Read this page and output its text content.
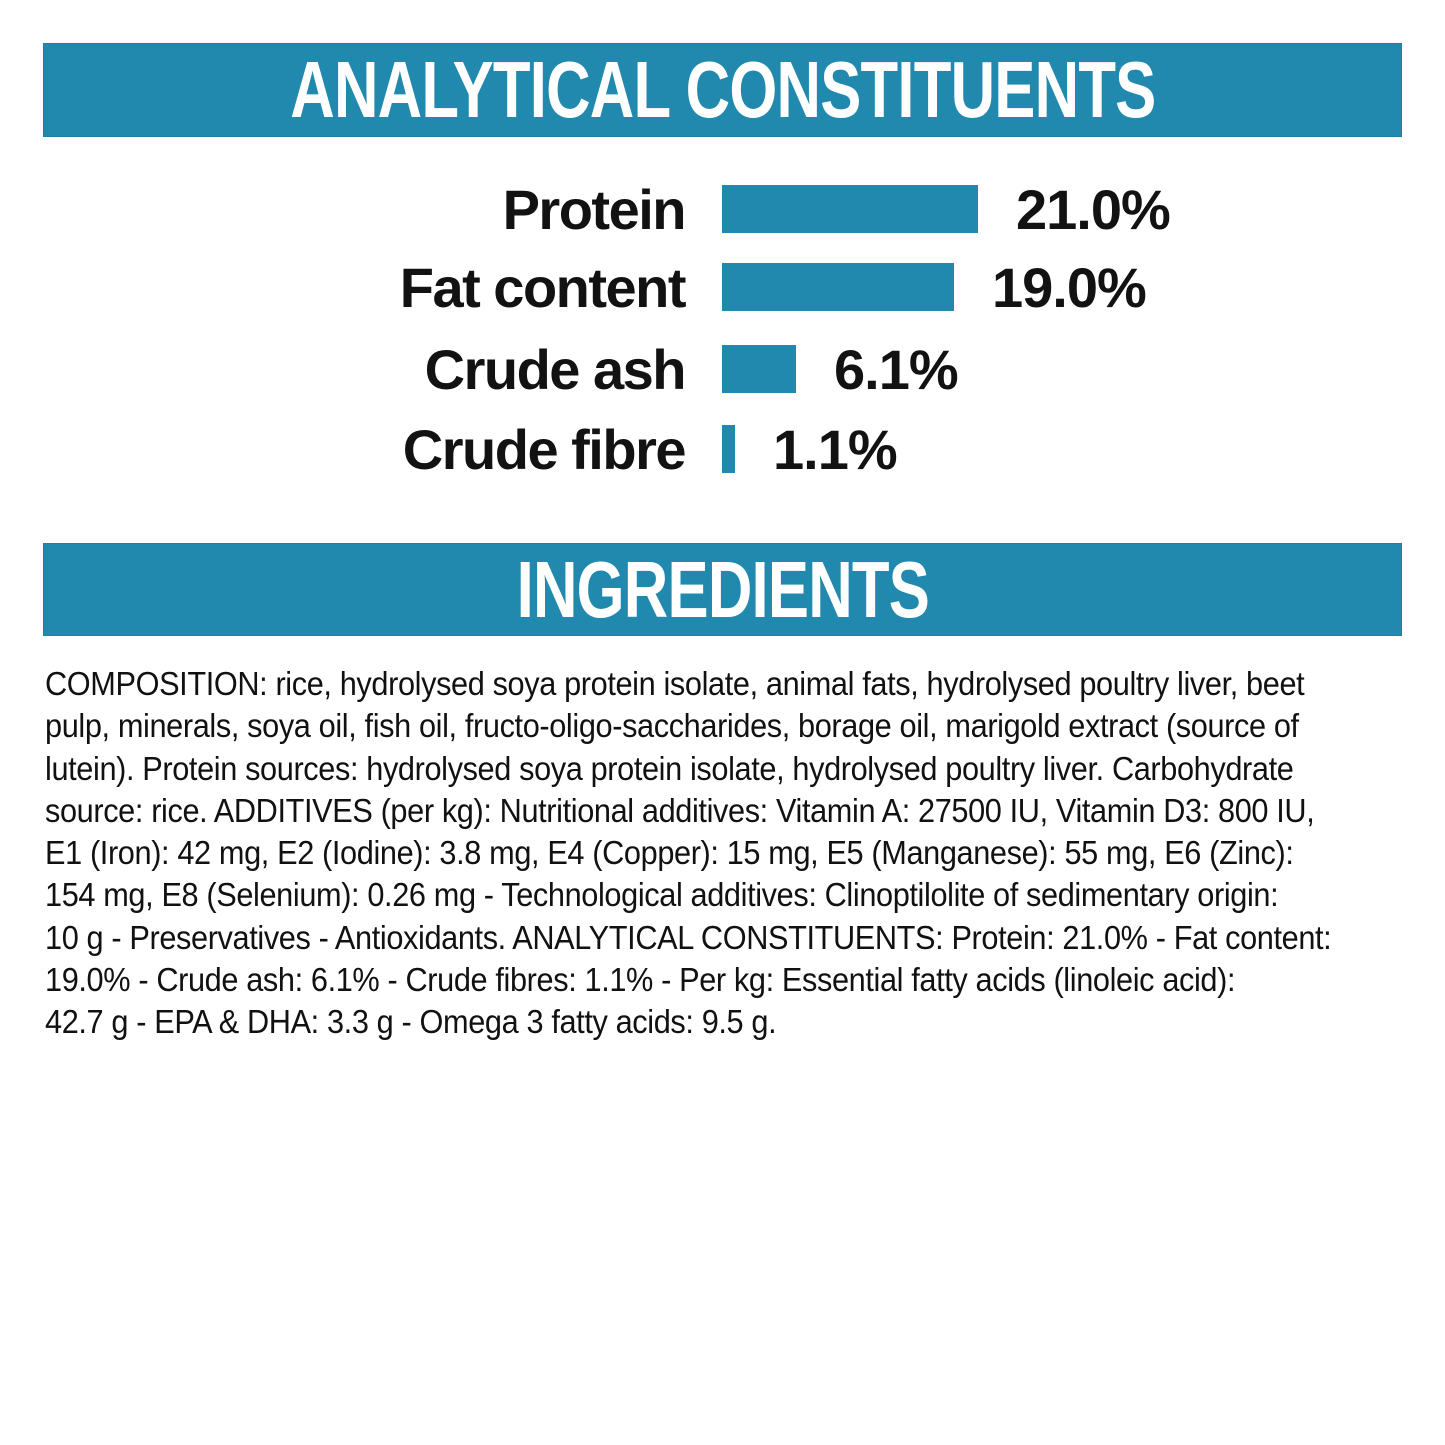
ANALYTICAL CONSTITUENTS
Protein	21.0%
Fat content	19.0%
Crude ash	6.1%
Crude fibre 1.1%
INGREDIENTS
COMPOSITION: rice, hydrolysed soya protein isolate, animal fats, hydrolysed poultry liver, beet
pulp, minerals, soya oil, fish oil, fructo-oligo-saccharides, borage oil, marigold extract (source of
lutein). Protein sources: hydrolysed soya protein isolate, hydrolysed poultry liver. Carbohydrate
source: rice. ADDITIVES (per kg): Nutritional additives: Vitamin A: 27500 IU, Vitamin D3: 800 IU,
E1 (Iron): 42 mg, E2 (Iodine): 3.8 mg, E4 (Copper): 15 mg, E5 (Manganese): 55 mg, E6 (Zinc):
154 mg, E8 (Selenium): 0.26 mg - Technological additives: Clinoptilolite of sedimentary origin:
10 g - Preservatives - Antioxidants. ANALYTICAL CONSTITUENTS: Protein: 21.0% - Fat content:
19.0% - Crude ash: 6.1% - Crude fibres: 1.1% - Per kg: Essential fatty acids (linoleic acid):
42.7 g - EPA & DHA: 3.3 g - Omega 3 fatty acids: 9.5 g.
